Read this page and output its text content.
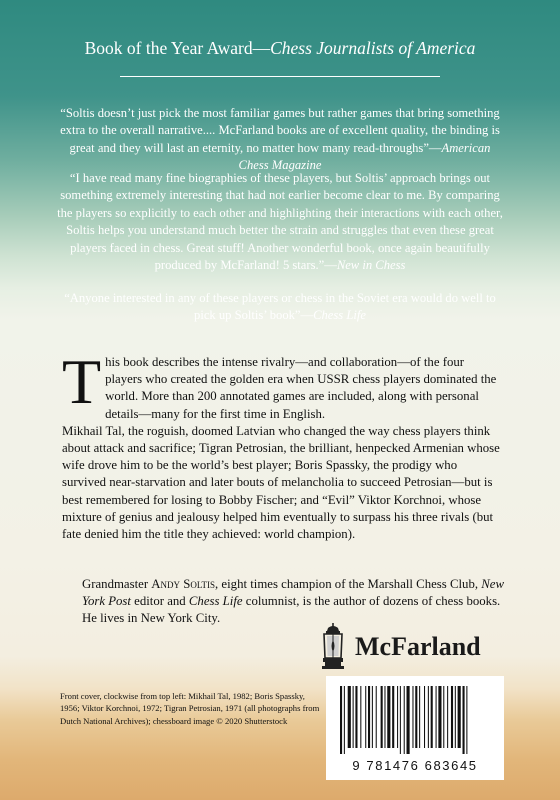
Book of the Year Award—Chess Journalists of America

“Soltis doesn’t just pick the most familiar games but rather games that bring something extra to the overall narrative.... McFarland books are of excellent quality, the binding is great and they will last an eternity, no matter how many read-throughs”—American Chess Magazine

“I have read many fine biographies of these players, but Soltis’ approach brings out something extremely interesting that had not earlier become clear to me. By comparing the players so explicitly to each other and highlighting their interactions with each other, Soltis helps you understand much better the strain and struggles that even these great players faced in chess. Great stuff! Another wonderful book, once again beautifully produced by McFarland! 5 stars.”—New in Chess

“Anyone interested in any of these players or chess in the Soviet era would do well to pick up Soltis’ book”—Chess Life

This book describes the intense rivalry—and collaboration—of the four players who created the golden era when USSR chess players dominated the world. More than 200 annotated games are included, along with personal details—many for the first time in English.

Mikhail Tal, the roguish, doomed Latvian who changed the way chess players think about attack and sacrifice; Tigran Petrosian, the brilliant, henpecked Armenian whose wife drove him to be the world’s best player; Boris Spassky, the prodigy who survived near-starvation and later bouts of melancholia to succeed Petrosian—but is best remembered for losing to Bobby Fischer; and “Evil” Viktor Korchnoi, whose mixture of genius and jealousy helped him eventually to surpass his three rivals (but fate denied him the title they achieved: world champion).

Grandmaster Andy Soltis, eight times champion of the Marshall Chess Club, New York Post editor and Chess Life columnist, is the author of dozens of chess books. He lives in New York City.

McFarland

Front cover, clockwise from top left: Mikhail Tal, 1982; Boris Spassky, 1956; Viktor Korchnoi, 1972; Tigran Petrosian, 1971 (all photographs from Dutch National Archives); chessboard image © 2020 Shutterstock

9 781476 683645
